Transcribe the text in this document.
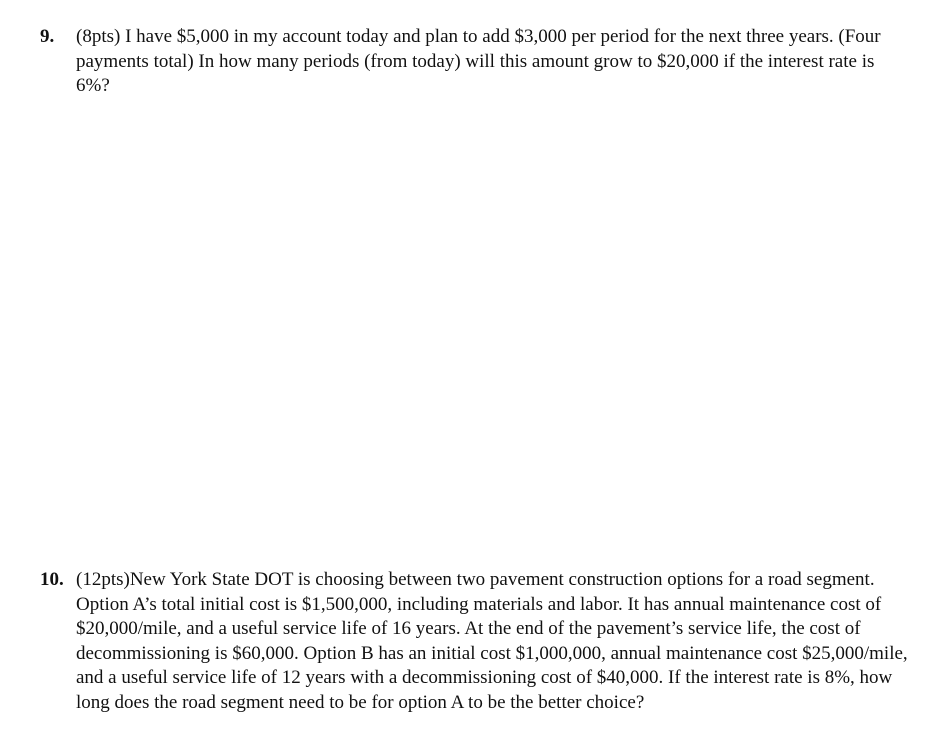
9.	(8pts) I have $5,000 in my account today and plan to add $3,000 per period for the next three years. (Four payments total) In how many periods (from today) will this amount grow to $20,000 if the interest rate is 6%?
10. (12pts)New York State DOT is choosing between two pavement construction options for a road segment. Option A’s total initial cost is $1,500,000, including materials and labor. It has annual maintenance cost of $20,000/mile, and a useful service life of 16 years. At the end of the pavement’s service life, the cost of decommissioning is $60,000. Option B has an initial cost $1,000,000, annual maintenance cost $25,000/mile, and a useful service life of 12 years with a decommissioning cost of $40,000. If the interest rate is 8%, how long does the road segment need to be for option A to be the better choice?
